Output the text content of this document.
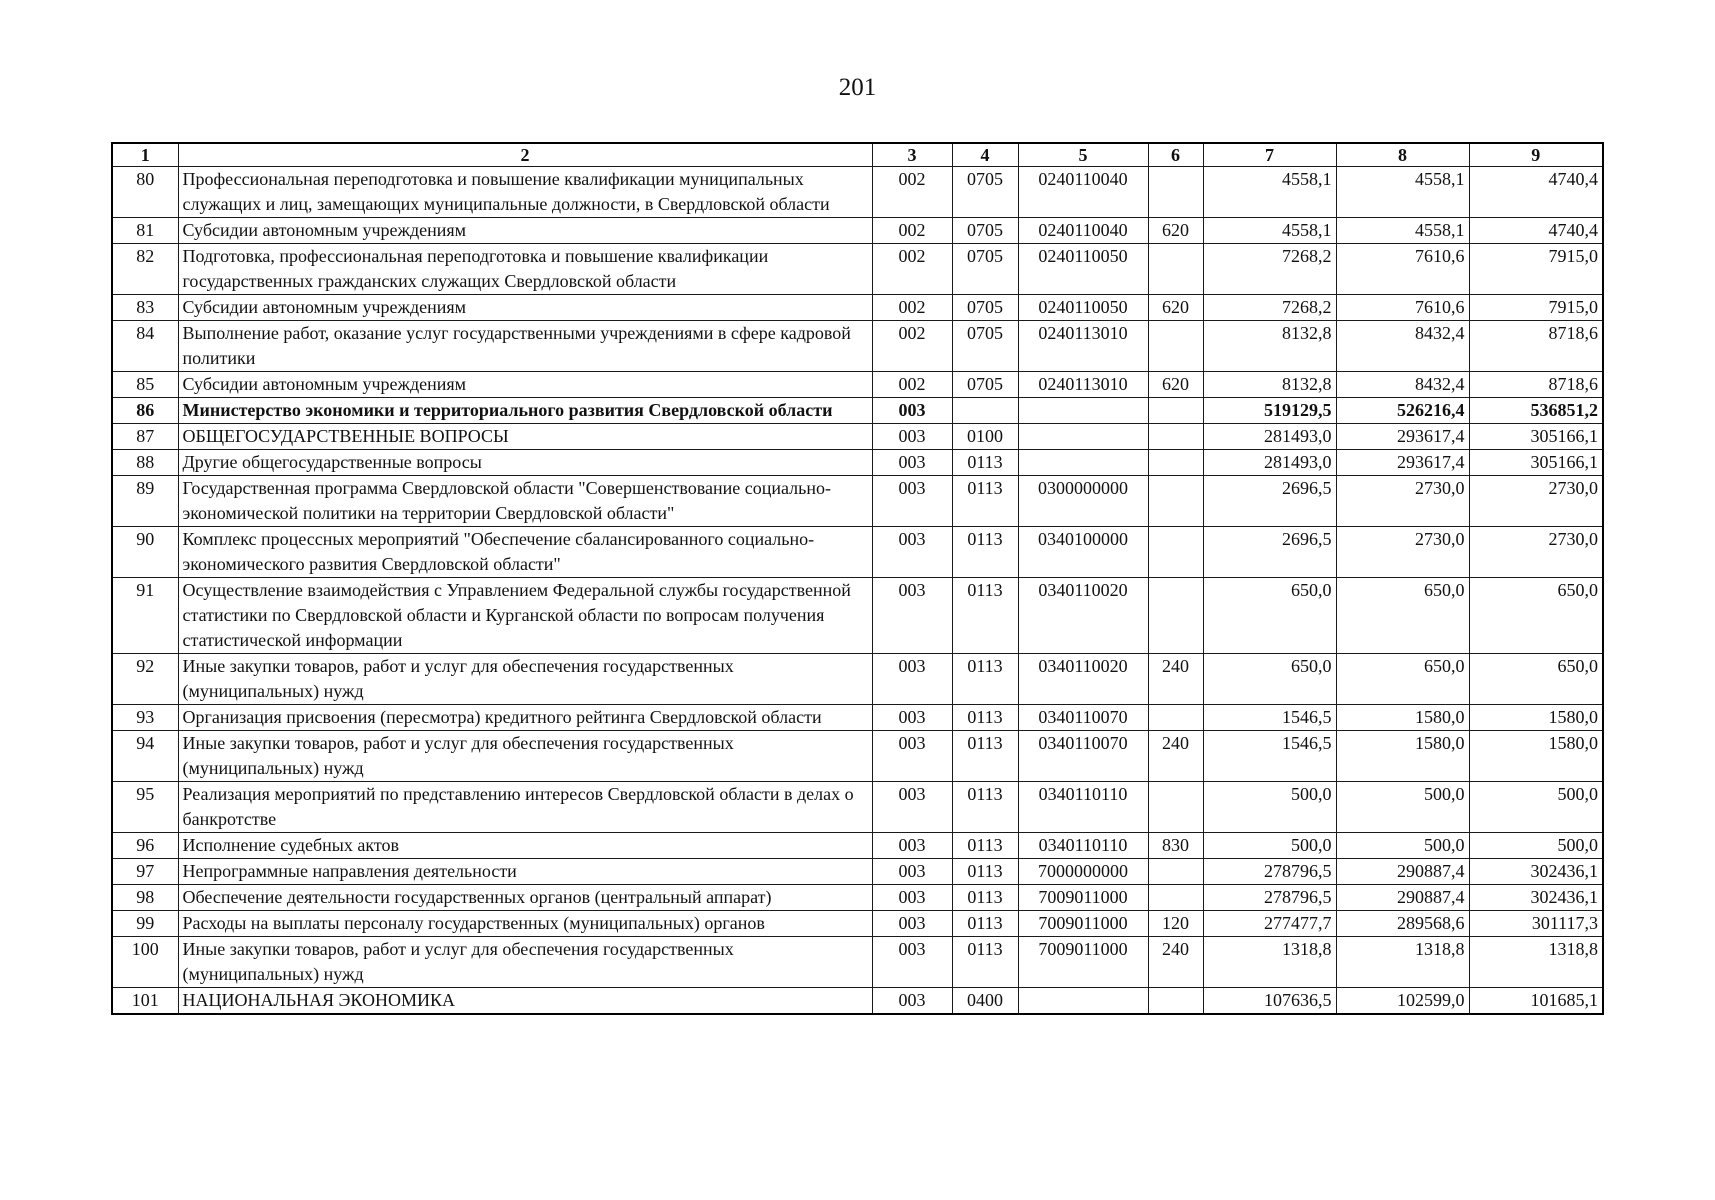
201
1	2	3	4	5	6	7	8	9
80	Профессиональная переподготовка и повышение квалификации муниципальных служащих и лиц, замещающих муниципальные должности, в Свердловской области	002	0705	0240110040		4558,1	4558,1	4740,4
81	Субсидии автономным учреждениям	002	0705	0240110040	620	4558,1	4558,1	4740,4
82	Подготовка, профессиональная переподготовка и повышение квалификации государственных гражданских служащих Свердловской области	002	0705	0240110050		7268,2	7610,6	7915,0
83	Субсидии автономным учреждениям	002	0705	0240110050	620	7268,2	7610,6	7915,0
84	Выполнение работ, оказание услуг государственными учреждениями в сфере кадровой политики	002	0705	0240113010		8132,8	8432,4	8718,6
85	Субсидии автономным учреждениям	002	0705	0240113010	620	8132,8	8432,4	8718,6
86	Министерство экономики и территориального развития Свердловской области	003				519129,5	526216,4	536851,2
87	ОБЩЕГОСУДАРСТВЕННЫЕ ВОПРОСЫ	003	0100			281493,0	293617,4	305166,1
88	Другие общегосударственные вопросы	003	0113			281493,0	293617,4	305166,1
89	Государственная программа Свердловской области "Совершенствование социально-экономической политики на территории Свердловской области"	003	0113	0300000000		2696,5	2730,0	2730,0
90	Комплекс процессных мероприятий "Обеспечение сбалансированного социально-экономического развития Свердловской области"	003	0113	0340100000		2696,5	2730,0	2730,0
91	Осуществление взаимодействия с Управлением Федеральной службы государственной статистики по Свердловской области и Курганской области по вопросам получения статистической информации	003	0113	0340110020		650,0	650,0	650,0
92	Иные закупки товаров, работ и услуг для обеспечения государственных (муниципальных) нужд	003	0113	0340110020	240	650,0	650,0	650,0
93	Организация присвоения (пересмотра) кредитного рейтинга Свердловской области	003	0113	0340110070		1546,5	1580,0	1580,0
94	Иные закупки товаров, работ и услуг для обеспечения государственных (муниципальных) нужд	003	0113	0340110070	240	1546,5	1580,0	1580,0
95	Реализация мероприятий по представлению интересов Свердловской области в делах о банкротстве	003	0113	0340110110		500,0	500,0	500,0
96	Исполнение судебных актов	003	0113	0340110110	830	500,0	500,0	500,0
97	Непрограммные направления деятельности	003	0113	7000000000		278796,5	290887,4	302436,1
98	Обеспечение деятельности государственных органов (центральный аппарат)	003	0113	7009011000		278796,5	290887,4	302436,1
99	Расходы на выплаты персоналу государственных (муниципальных) органов	003	0113	7009011000	120	277477,7	289568,6	301117,3
100	Иные закупки товаров, работ и услуг для обеспечения государственных (муниципальных) нужд	003	0113	7009011000	240	1318,8	1318,8	1318,8
101	НАЦИОНАЛЬНАЯ ЭКОНОМИКА	003	0400			107636,5	102599,0	101685,1
